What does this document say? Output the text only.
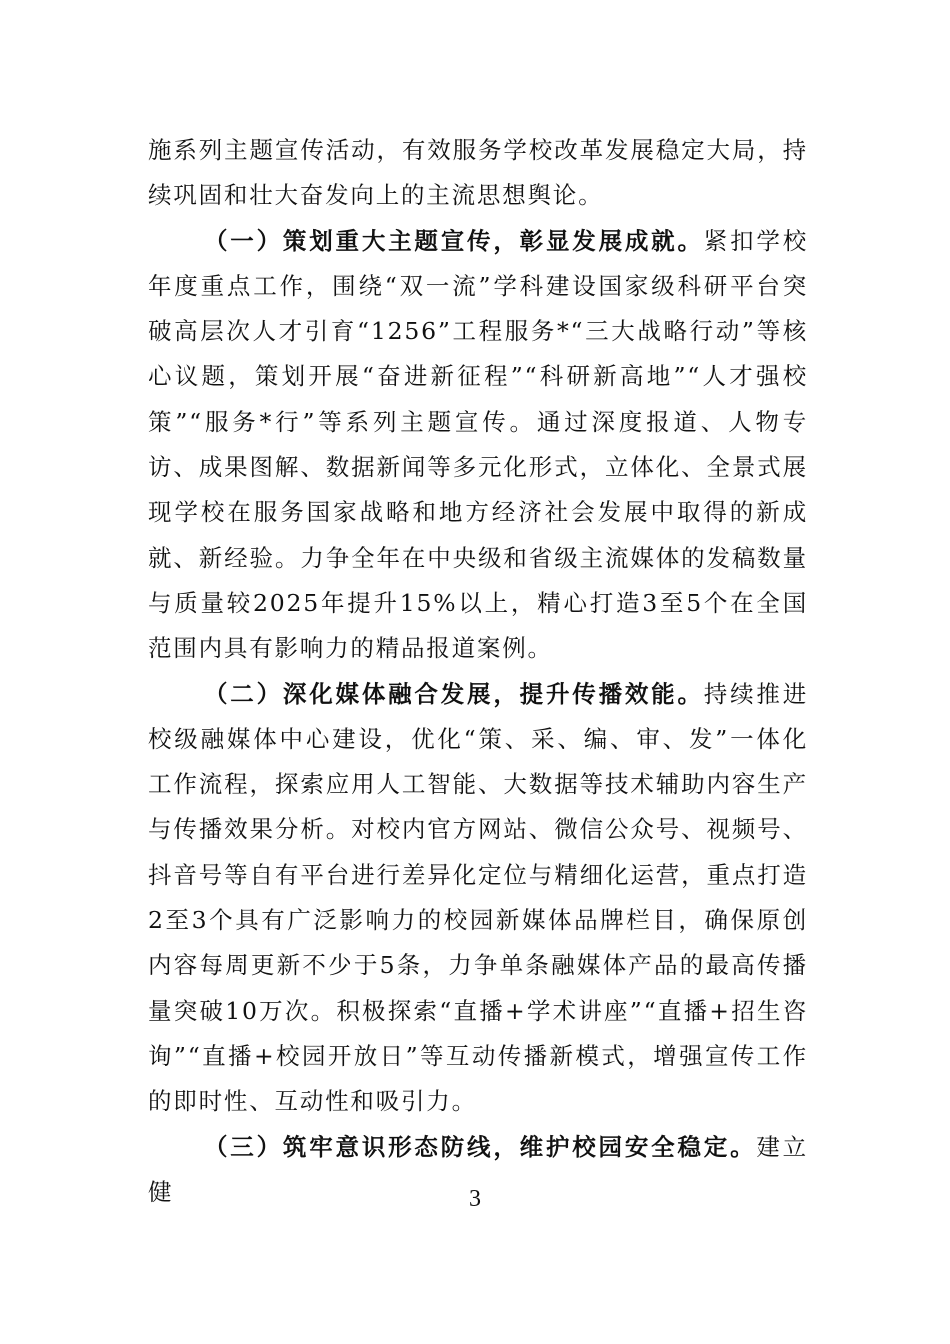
施系列主题宣传活动，有效服务学校改革发展稳定大局，持续巩固和壮大奋发向上的主流思想舆论。

（一）策划重大主题宣传，彰显发展成就。紧扣学校年度重点工作，围绕“双一流”学科建设国家级科研平台突破高层次人才引育“1256”工程服务*“三大战略行动”等核心议题，策划开展“奋进新征程”“科研新高地”“人才强校策”“服务*行”等系列主题宣传。通过深度报道、人物专访、成果图解、数据新闻等多元化形式，立体化、全景式展现学校在服务国家战略和地方经济社会发展中取得的新成就、新经验。力争全年在中央级和省级主流媒体的发稿数量与质量较2025年提升15%以上，精心打造3至5个在全国范围内具有影响力的精品报道案例。

（二）深化媒体融合发展，提升传播效能。持续推进校级融媒体中心建设，优化“策、采、编、审、发”一体化工作流程，探索应用人工智能、大数据等技术辅助内容生产与传播效果分析。对校内官方网站、微信公众号、视频号、抖音号等自有平台进行差异化定位与精细化运营，重点打造2至3个具有广泛影响力的校园新媒体品牌栏目，确保原创内容每周更新不少于5条，力争单条融媒体产品的最高传播量突破10万次。积极探索“直播+学术讲座”“直播+招生咨询”“直播+校园开放日”等互动传播新模式，增强宣传工作的即时性、互动性和吸引力。

（三）筑牢意识形态防线，维护校园安全稳定。建立健	3
